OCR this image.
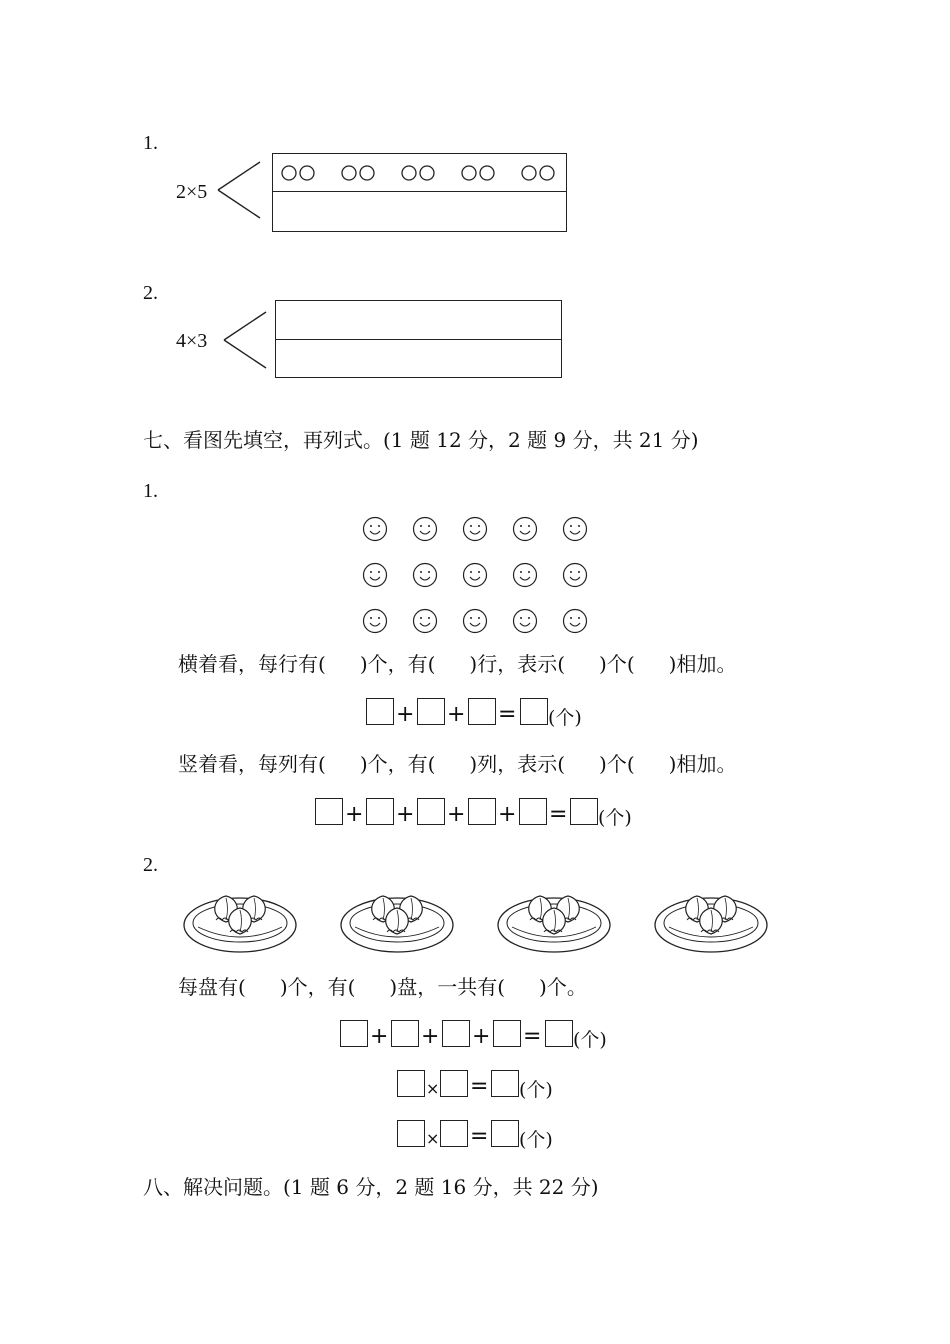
1.
2×5
2.
4×3
七、看图先填空，再列式。(1 题 12 分，2 题 9 分，共 21 分)
1.
横着看，每行有( )个，有( )行，表示( )个( )相加。
+ + = (个)
竖着看，每列有( )个，有( )列，表示( )个( )相加。
+ + + + = (个)
2.
每盘有( )个，有( )盘，一共有( )个。
+ + + = (个)
× = (个)
× = (个)
八、解决问题。(1 题 6 分，2 题 16 分，共 22 分)
